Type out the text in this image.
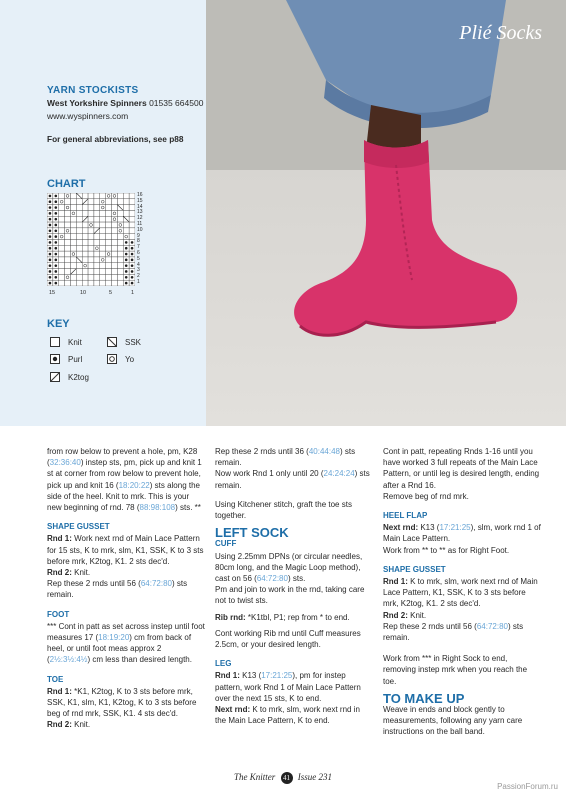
Plié Socks
YARN STOCKISTS
West Yorkshire Spinners 01535 664500
www.wyspinners.com
For general abbreviations, see p88
CHART
16
15
14
13
12
11
10
9
8
7
6
5
4
3
2
1
15	10	5	1
KEY
Knit	SSK
Purl	Yo
K2tog

from row below to prevent a hole, pm, K28 (32:36:40) instep sts, pm, pick up and knit 1 st at corner from row below to prevent hole, pick up and knit 16 (18:20:22) sts along the side of the heel. Knit to mrk. This is your new beginning of rnd. 78 (88:98:108) sts. **

SHAPE GUSSET

Rnd 1: Work next rnd of Main Lace Pattern for 15 sts, K to mrk, slm, K1, SSK, K to 3 sts before mrk, K2tog, K1. 2 sts dec'd.
Rnd 2: Knit.
Rep these 2 rnds until 56 (64:72:80) sts remain.

FOOT

*** Cont in patt as set across instep until foot measures 17 (18:19:20) cm from back of heel, or until foot meas approx 2 (2½:3½:4½) cm less than desired length.

TOE

Rnd 1: *K1, K2tog, K to 3 sts before mrk, SSK, K1, slm, K1, K2tog, K to 3 sts before beg of rnd mrk, SSK, K1. 4 sts dec'd.
Rnd 2: Knit.

Rep these 2 rnds until 36 (40:44:48) sts remain.
Now work Rnd 1 only until 20 (24:24:24) sts remain.

Using Kitchener stitch, graft the toe sts together.

LEFT SOCK
CUFF

Using 2.25mm DPNs (or circular needles, 80cm long, and the Magic Loop method), cast on 56 (64:72:80) sts.
Pm and join to work in the rnd, taking care not to twist sts.

Rib rnd: *K1tbl, P1; rep from * to end.

Cont working Rib rnd until Cuff measures 2.5cm, or your desired length.

LEG

Rnd 1: K13 (17:21:25), pm for instep pattern, work Rnd 1 of Main Lace Pattern over the next 15 sts, K to end.
Next rnd: K to mrk, slm, work next rnd in the Main Lace Pattern, K to end.

Cont in patt, repeating Rnds 1-16 until you have worked 3 full repeats of the Main Lace Pattern, or until leg is desired length, ending after a Rnd 16.
Remove beg of rnd mrk.

HEEL FLAP

Next rnd: K13 (17:21:25), slm, work rnd 1 of Main Lace Pattern.
Work from ** to ** as for Right Foot.

SHAPE GUSSET

Rnd 1: K to mrk, slm, work next rnd of Main Lace Pattern, K1, SSK, K to 3 sts before mrk, K2tog, K1. 2 sts dec'd.
Rnd 2: Knit.
Rep these 2 rnds until 56 (64:72:80) sts remain.

Work from *** in Right Sock to end, removing instep mrk when you reach the toe.

TO MAKE UP

Weave in ends and block gently to measurements, following any yarn care instructions on the ball band.

The Knitter 41 Issue 231
PassionForum.ru
